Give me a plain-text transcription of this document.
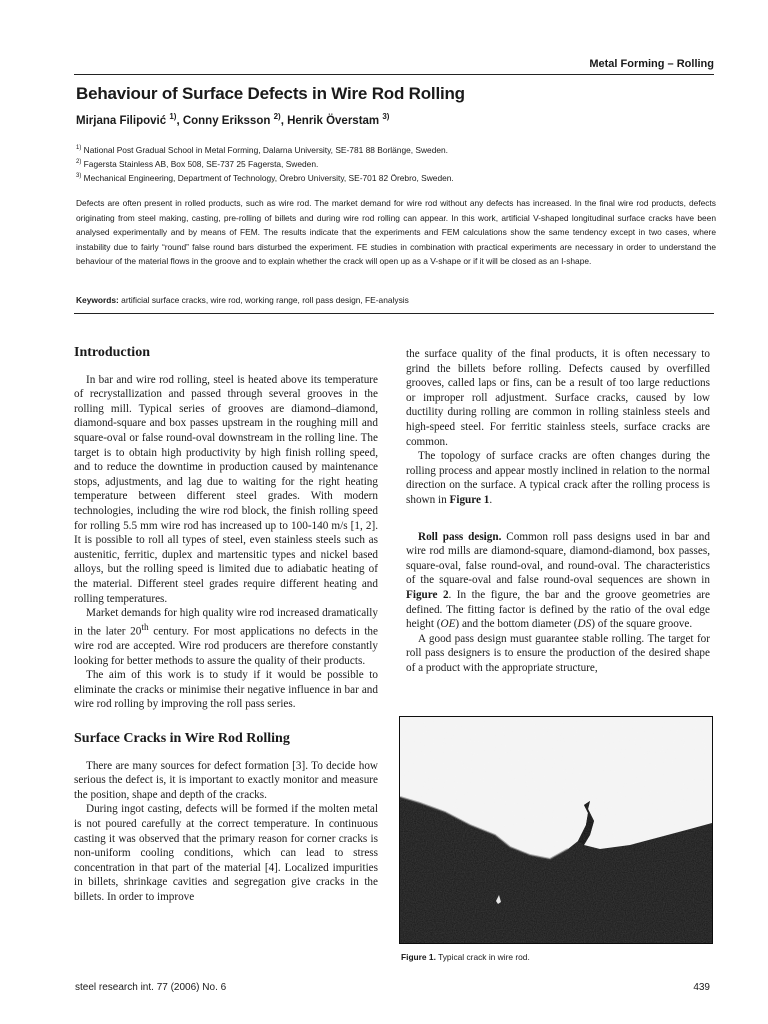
Metal Forming – Rolling
Behaviour of Surface Defects in Wire Rod Rolling
Mirjana Filipović $^{1)}$, Conny Eriksson $^{2)}$, Henrik Överstam $^{3)}$
$^{1)}$ National Post Gradual School in Metal Forming, Dalarna University, SE-781 88 Borlänge, Sweden.
$^{2)}$ Fagersta Stainless AB, Box 508, SE-737 25 Fagersta, Sweden.
$^{3)}$ Mechanical Engineering, Department of Technology, Örebro University, SE-701 82 Örebro, Sweden.
Defects are often present in rolled products, such as wire rod. The market demand for wire rod without any defects has increased. In the final wire rod products, defects originating from steel making, casting, pre-rolling of billets and during wire rod rolling can appear. In this work, artificial V-shaped longitudinal surface cracks have been analysed experimentally and by means of FEM. The results indicate that the experiments and FEM calculations show the same tendency except in two cases, where instability due to fairly “round” false round bars disturbed the experiment. FE studies in combination with practical experiments are necessary in order to understand the behaviour of the material flows in the groove and to explain whether the crack will open up as a V-shape or if it will be closed as an I-shape.
Keywords: artificial surface cracks, wire rod, working range, roll pass design, FE-analysis
Introduction

In bar and wire rod rolling, steel is heated above its temperature of recrystallization and passed through several grooves in the rolling mill. Typical series of grooves are diamond–diamond, diamond-square and box passes upstream in the roughing mill and square-oval or false round-oval downstream in the rolling line. The target is to obtain high productivity by high finish rolling speed, and to reduce the downtime in production caused by maintenance stops, adjustments, and lag due to waiting for the right heating temperature between different steel grades. With modern technologies, including the wire rod block, the finish rolling speed for rolling 5.5 mm wire rod has increased up to 100-140 m/s [1, 2]. It is possible to roll all types of steel, even stainless steels such as austenitic, ferritic, duplex and martensitic types and nickel based alloys, but the rolling speed is limited due to adiabatic heating of the material. Different steel grades require different heating and rolling temperatures.

Market demands for high quality wire rod increased dramatically in the later 20th century. For most applications no defects in the wire rod are accepted. Wire rod producers are therefore constantly looking for better methods to assure the quality of their products.

The aim of this work is to study if it would be possible to eliminate the cracks or minimise their negative influence in bar and wire rod rolling by improving the roll pass series.

Surface Cracks in Wire Rod Rolling

There are many sources for defect formation [3]. To decide how serious the defect is, it is important to exactly monitor and measure the position, shape and depth of the cracks.

During ingot casting, defects will be formed if the molten metal is not poured carefully at the correct temperature. In continuous casting it was observed that the primary reason for corner cracks is non-uniform cooling conditions, which can lead to stress concentration in that part of the material [4]. Localized impurities in billets, shrinkage cavities and segregation give cracks in the billets. In order to improve

the surface quality of the final products, it is often necessary to grind the billets before rolling. Defects caused by overfilled grooves, called laps or fins, can be a result of too large reductions or improper roll adjustment. Surface cracks, caused by low ductility during rolling are common in rolling stainless steels and high-speed steel. For ferritic stainless steels, surface cracks are common.

The topology of surface cracks are often changes during the rolling process and appear mostly inclined in relation to the normal direction on the surface. A typical crack after the rolling process is shown in Figure 1.

Roll pass design. Common roll pass designs used in bar and wire rod mills are diamond-square, diamond-diamond, box passes, square-oval, false round-oval, and round-oval. The characteristics of the square-oval and false round-oval sequences are shown in Figure 2. In the figure, the bar and the groove geometries are defined. The fitting factor is defined by the ratio of the oval edge height (OE) and the bottom diameter (DS) of the square groove.

A good pass design must guarantee stable rolling. The target for roll pass designers is to ensure the production of the desired shape of a product with the appropriate structure,

Figure 1. Typical crack in wire rod.
steel research int. 77 (2006) No. 6	439
